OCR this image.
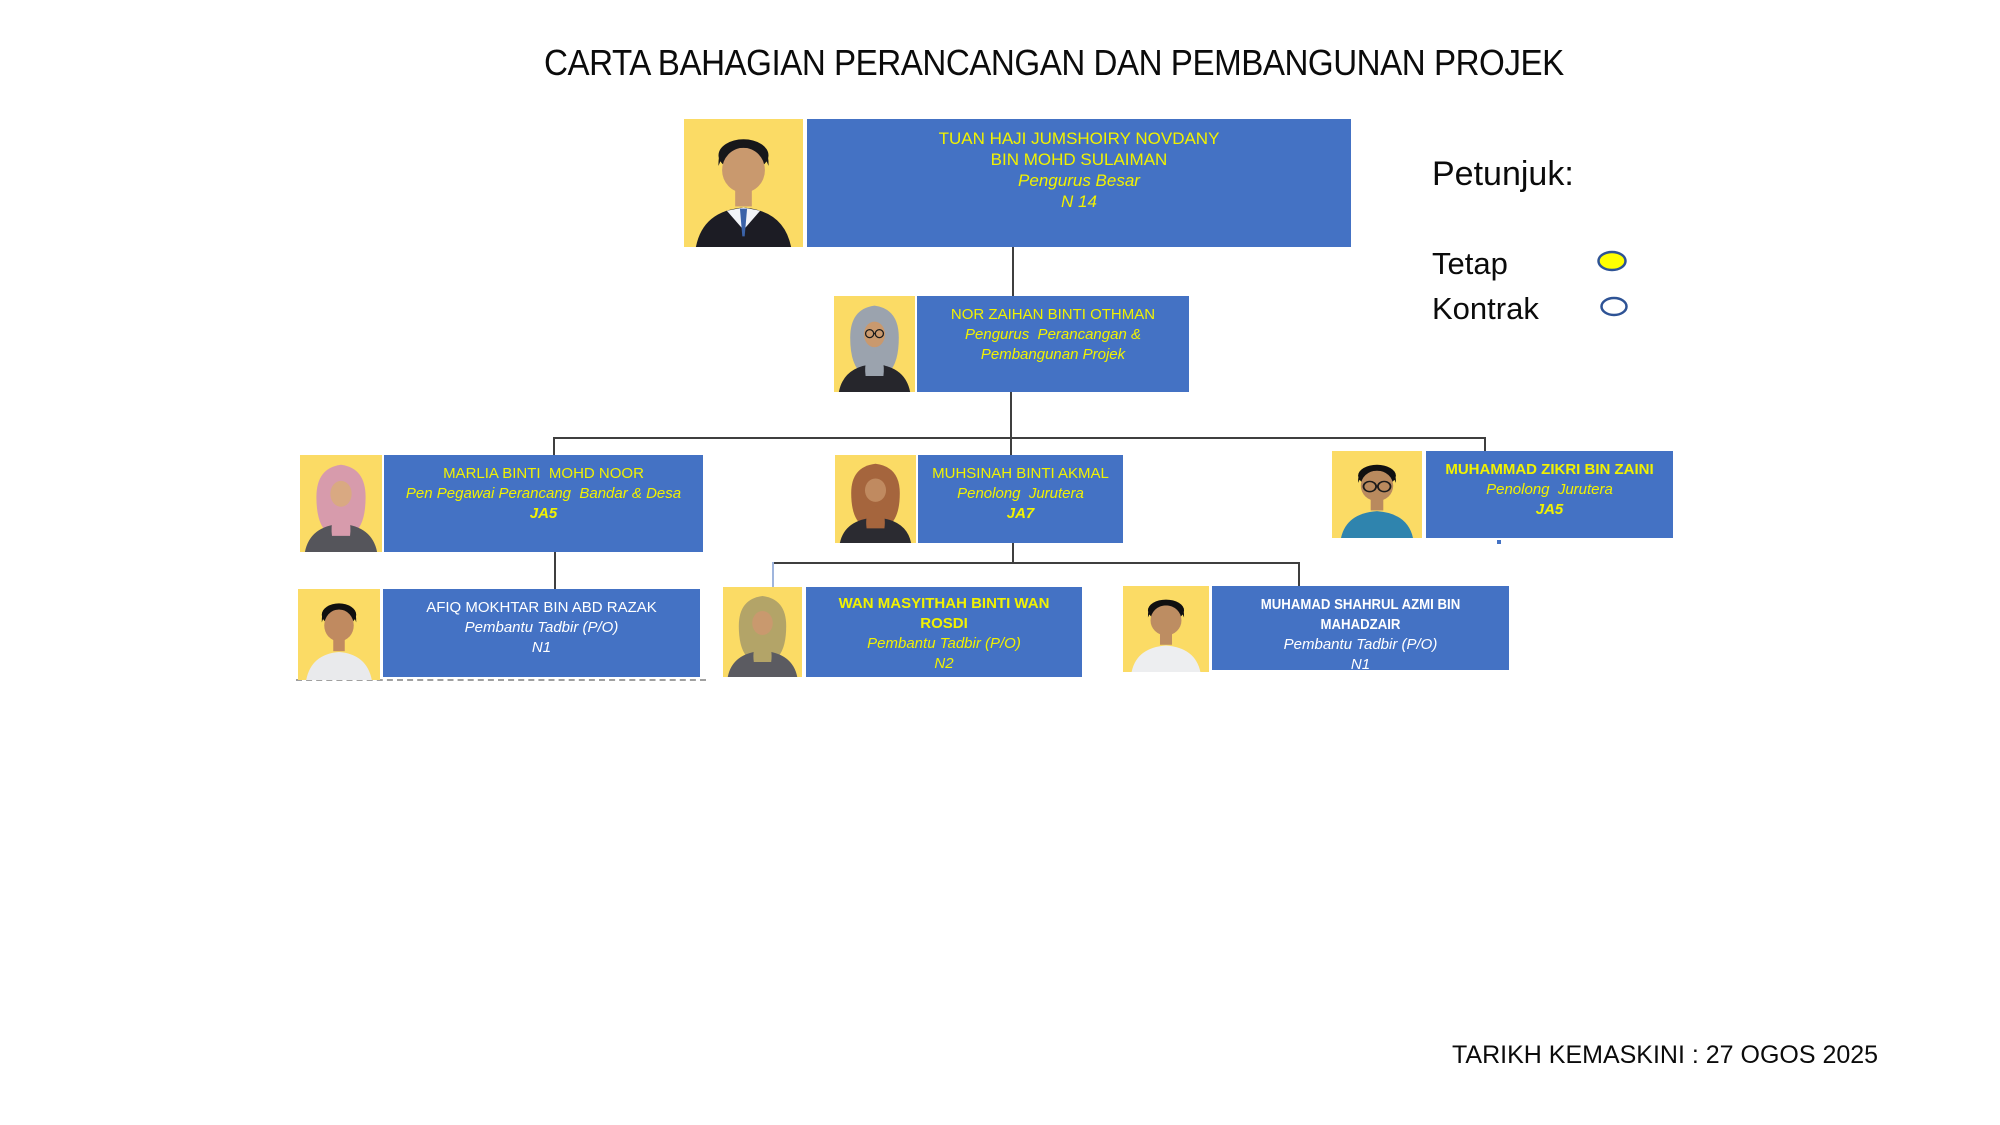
CARTA BAHAGIAN PERANCANGAN DAN PEMBANGUNAN PROJEK
Petunjuk:
Tetap
Kontrak
TUAN HAJI JUMSHOIRY NOVDANY
BIN MOHD SULAIMAN
Pengurus Besar
N 14
NOR ZAIHAN BINTI OTHMAN
Pengurus  Perancangan &
Pembangunan Projek
MARLIA BINTI  MOHD NOOR
Pen Pegawai Perancang  Bandar & Desa
JA5
MUHSINAH BINTI AKMAL
Penolong  Jurutera
JA7
MUHAMMAD ZIKRI BIN ZAINI
Penolong  Jurutera
JA5
AFIQ MOKHTAR BIN ABD RAZAK
Pembantu Tadbir (P/O)
N1
WAN MASYITHAH BINTI WAN
ROSDI
Pembantu Tadbir (P/O)
N2
MUHAMAD SHAHRUL AZMI BIN MAHADZAIR
Pembantu Tadbir (P/O)
N1
TARIKH KEMASKINI : 27 OGOS 2025
